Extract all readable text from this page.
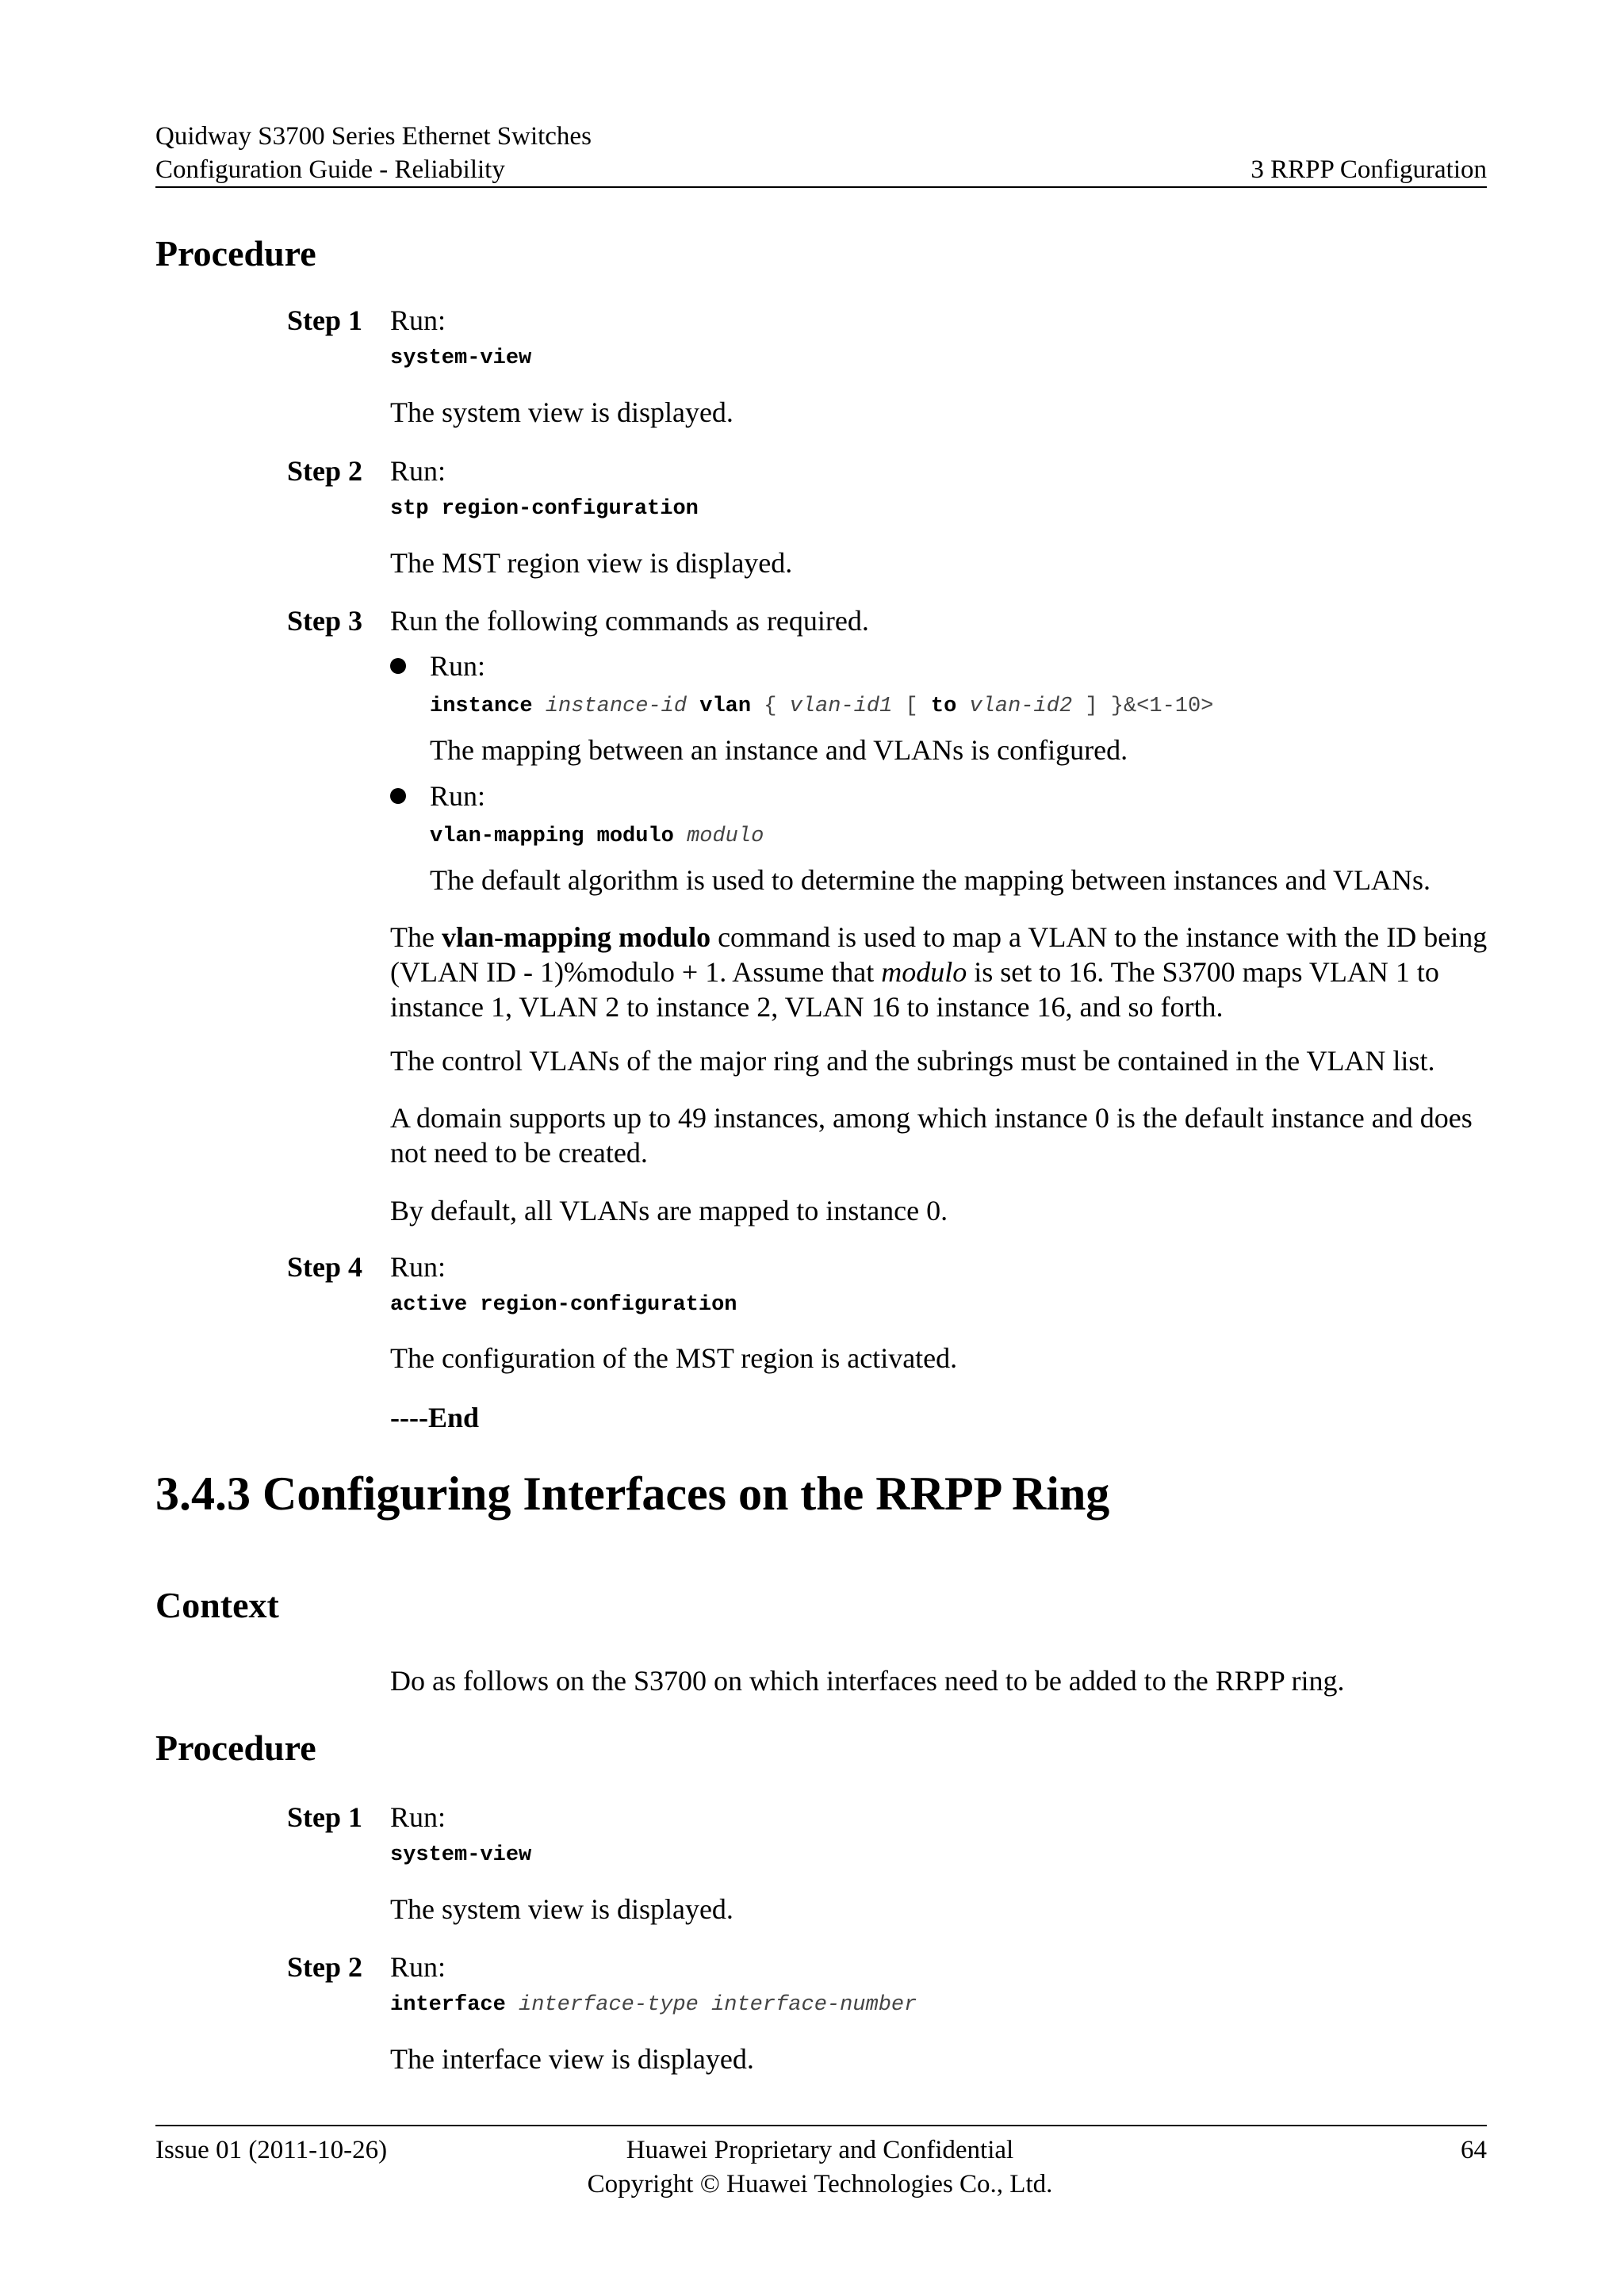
Quidway S3700 Series Ethernet Switches
Configuration Guide - Reliability	3 RRPP Configuration
Procedure
Step 1 Run:
system-view
The system view is displayed.
Step 2 Run:
stp region-configuration
The MST region view is displayed.
Step 3 Run the following commands as required.
Run:
instance instance-id vlan { vlan-id1 [ to vlan-id2 ] }&<1-10>
The mapping between an instance and VLANs is configured.
Run:
vlan-mapping modulo modulo
The default algorithm is used to determine the mapping between instances and VLANs.
The vlan-mapping modulo command is used to map a VLAN to the instance with the ID being (VLAN ID - 1)%modulo + 1. Assume that modulo is set to 16. The S3700 maps VLAN 1 to instance 1, VLAN 2 to instance 2, VLAN 16 to instance 16, and so forth.
The control VLANs of the major ring and the subrings must be contained in the VLAN list.
A domain supports up to 49 instances, among which instance 0 is the default instance and does not need to be created.
By default, all VLANs are mapped to instance 0.
Step 4 Run:
active region-configuration
The configuration of the MST region is activated.
----End
3.4.3 Configuring Interfaces on the RRPP Ring
Context
Do as follows on the S3700 on which interfaces need to be added to the RRPP ring.
Procedure
Step 1 Run:
system-view
The system view is displayed.
Step 2 Run:
interface interface-type interface-number
The interface view is displayed.
Issue 01 (2011-10-26)	Huawei Proprietary and Confidential
Copyright © Huawei Technologies Co., Ltd.
64
